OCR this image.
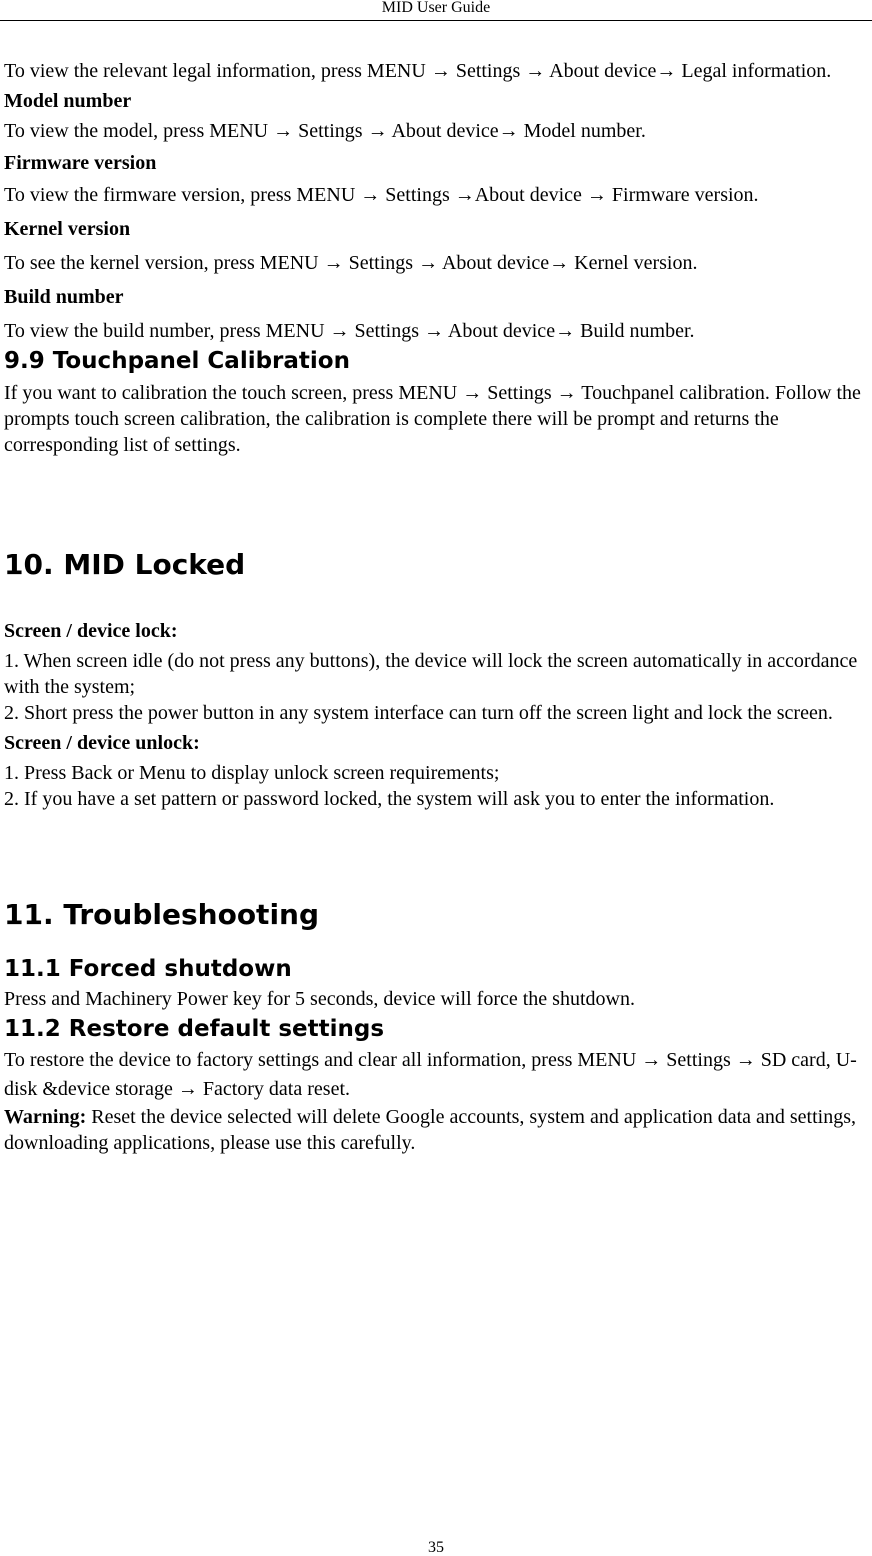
MID User Guide

To view the relevant legal information, press MENU → Settings → About device→ Legal information.

Model number

To view the model, press MENU → Settings → About device→ Model number.

Firmware version

To view the firmware version, press MENU → Settings →About device → Firmware version.

Kernel version

To see the kernel version, press MENU → Settings → About device→ Kernel version.

Build number

To view the build number, press MENU → Settings → About device→ Build number.

9.9 Touchpanel Calibration

If you want to calibration the touch screen, press MENU → Settings → Touchpanel calibration. Follow the prompts touch screen calibration, the calibration is complete there will be prompt and returns the corresponding list of settings.

10. MID Locked

Screen / device lock:

1. When screen idle (do not press any buttons), the device will lock the screen automatically in accordance with the system;

2. Short press the power button in any system interface can turn off the screen light and lock the screen.

Screen / device unlock:

1. Press Back or Menu to display unlock screen requirements;

2. If you have a set pattern or password locked, the system will ask you to enter the information.

11. Troubleshooting

11.1 Forced shutdown

Press and Machinery Power key for 5 seconds, device will force the shutdown.

11.2 Restore default settings

To restore the device to factory settings and clear all information, press MENU → Settings → SD card, U-disk &device storage → Factory data reset.

Warning: Reset the device selected will delete Google accounts, system and application data and settings, downloading applications, please use this carefully.

35
